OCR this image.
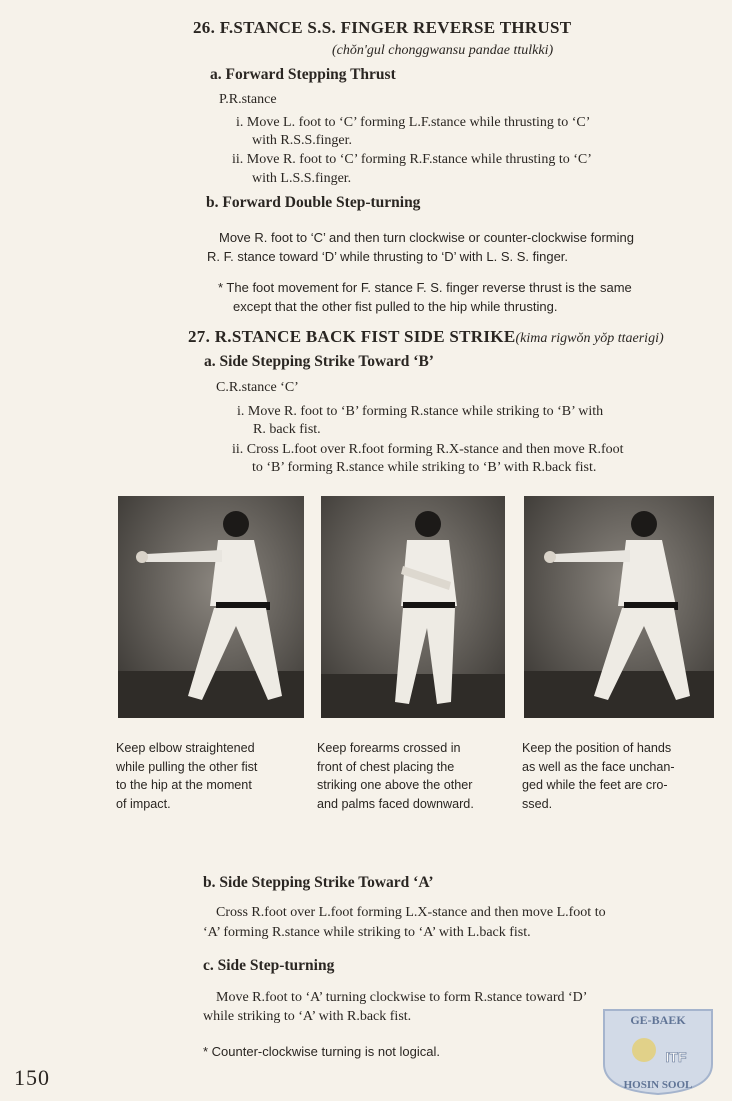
26. F.STANCE S.S. FINGER REVERSE THRUST
(chŏn'gul chonggwansu pandae ttulkki)
a. Forward Stepping Thrust
P.R.stance
i. Move L. foot to ‘C’ forming L.F.stance while thrusting to ‘C’
with R.S.S.finger.
ii. Move R. foot to ‘C’ forming R.F.stance while thrusting to ‘C’
with L.S.S.finger.
b. Forward Double Step-turning
Move R. foot to ‘C’ and then turn clockwise or counter-clockwise forming
R. F. stance toward ‘D’ while thrusting to ‘D’ with L. S. S. finger.
* The foot movement for F. stance F. S. finger reverse thrust is the same
except that the other fist pulled to the hip while thrusting.
27. R.STANCE BACK FIST SIDE STRIKE(kima rigwŏn yŏp ttaerigi)
a. Side Stepping Strike Toward ‘B’
C.R.stance ‘C’
i. Move R. foot to ‘B’ forming R.stance while striking to ‘B’ with
R. back fist.
ii. Cross L.foot over R.foot forming R.X-stance and then move R.foot
to ‘B’ forming R.stance while striking to ‘B’ with R.back fist.
Keep elbow straightened
while pulling the other fist
to the hip at the moment
of impact.
Keep forearms crossed in
front of chest placing the
striking one above the other
and palms faced downward.
Keep the position of hands
as well as the face unchan-
ged while the feet are cro-
ssed.
b. Side Stepping Strike Toward ‘A’
Cross R.foot over L.foot forming L.X-stance and then move L.foot to
‘A’ forming R.stance while striking to ‘A’ with L.back fist.
c. Side Step-turning
Move R.foot to ‘A’ turning clockwise to form R.stance toward ‘D’
while striking to ‘A’ with R.back fist.
* Counter-clockwise turning is not logical.
150
GE-BAEK
ITF
HOSIN SOOL
